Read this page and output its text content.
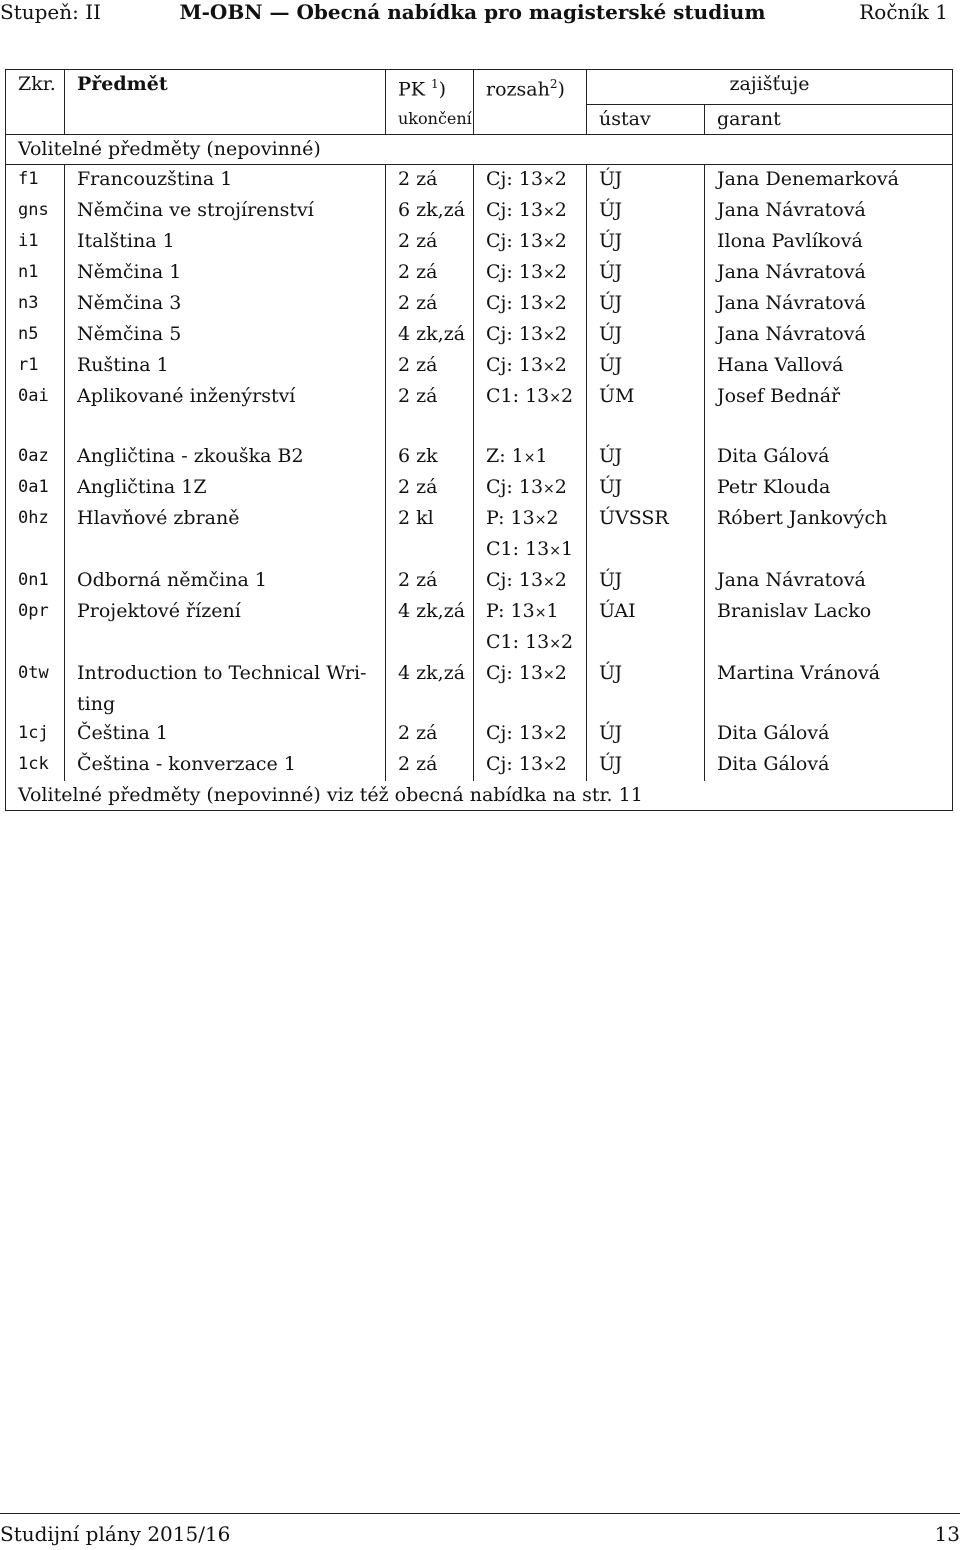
Stupeň: II	M-OBN — Obecná nabídka pro magisterské studium	Ročník 1
Zkr.	Předmět	PK $^1$)	rozsah$^2$)	zajišťuje	
		ukončení		ústav	garant
Volitelné předměty (nepovinné)					
f1	Francouzština 1	2 zá	Cj: 13×2	ÚJ	Jana Denemarková
gns	Němčina ve strojírenství	6 zk,zá	Cj: 13×2	ÚJ	Jana Návratová
i1	Italština 1	2 zá	Cj: 13×2	ÚJ	Ilona Pavlíková
n1	Němčina 1	2 zá	Cj: 13×2	ÚJ	Jana Návratová
n3	Němčina 3	2 zá	Cj: 13×2	ÚJ	Jana Návratová
n5	Němčina 5	4 zk,zá	Cj: 13×2	ÚJ	Jana Návratová
r1	Ruština 1	2 zá	Cj: 13×2	ÚJ	Hana Vallová
0ai	Aplikované inženýrství	2 zá	C1: 13×2	ÚM	Josef Bednář

0az	Angličtina - zkouška B2	6 zk	Z: 1×1	ÚJ	Dita Gálová
0a1	Angličtina 1Z	2 zá	Cj: 13×2	ÚJ	Petr Klouda
0hz	Hlavňové zbraně	2 kl	P: 13×2	ÚVSSR	Róbert Jankových
			C1: 13×1		
0n1	Odborná němčina 1	2 zá	Cj: 13×2	ÚJ	Jana Návratová
0pr	Projektové řízení	4 zk,zá	P: 13×1	ÚAI	Branislav Lacko
			C1: 13×2		
0tw	Introduction to Technical Wri-	4 zk,zá	Cj: 13×2	ÚJ	Martina Vránová
	ting				
1cj	Čeština 1	2 zá	Cj: 13×2	ÚJ	Dita Gálová
1ck	Čeština - konverzace 1	2 zá	Cj: 13×2	ÚJ	Dita Gálová
Volitelné předměty (nepovinné) viz též obecná nabídka na str. 11					
Studijní plány 2015/16	13
